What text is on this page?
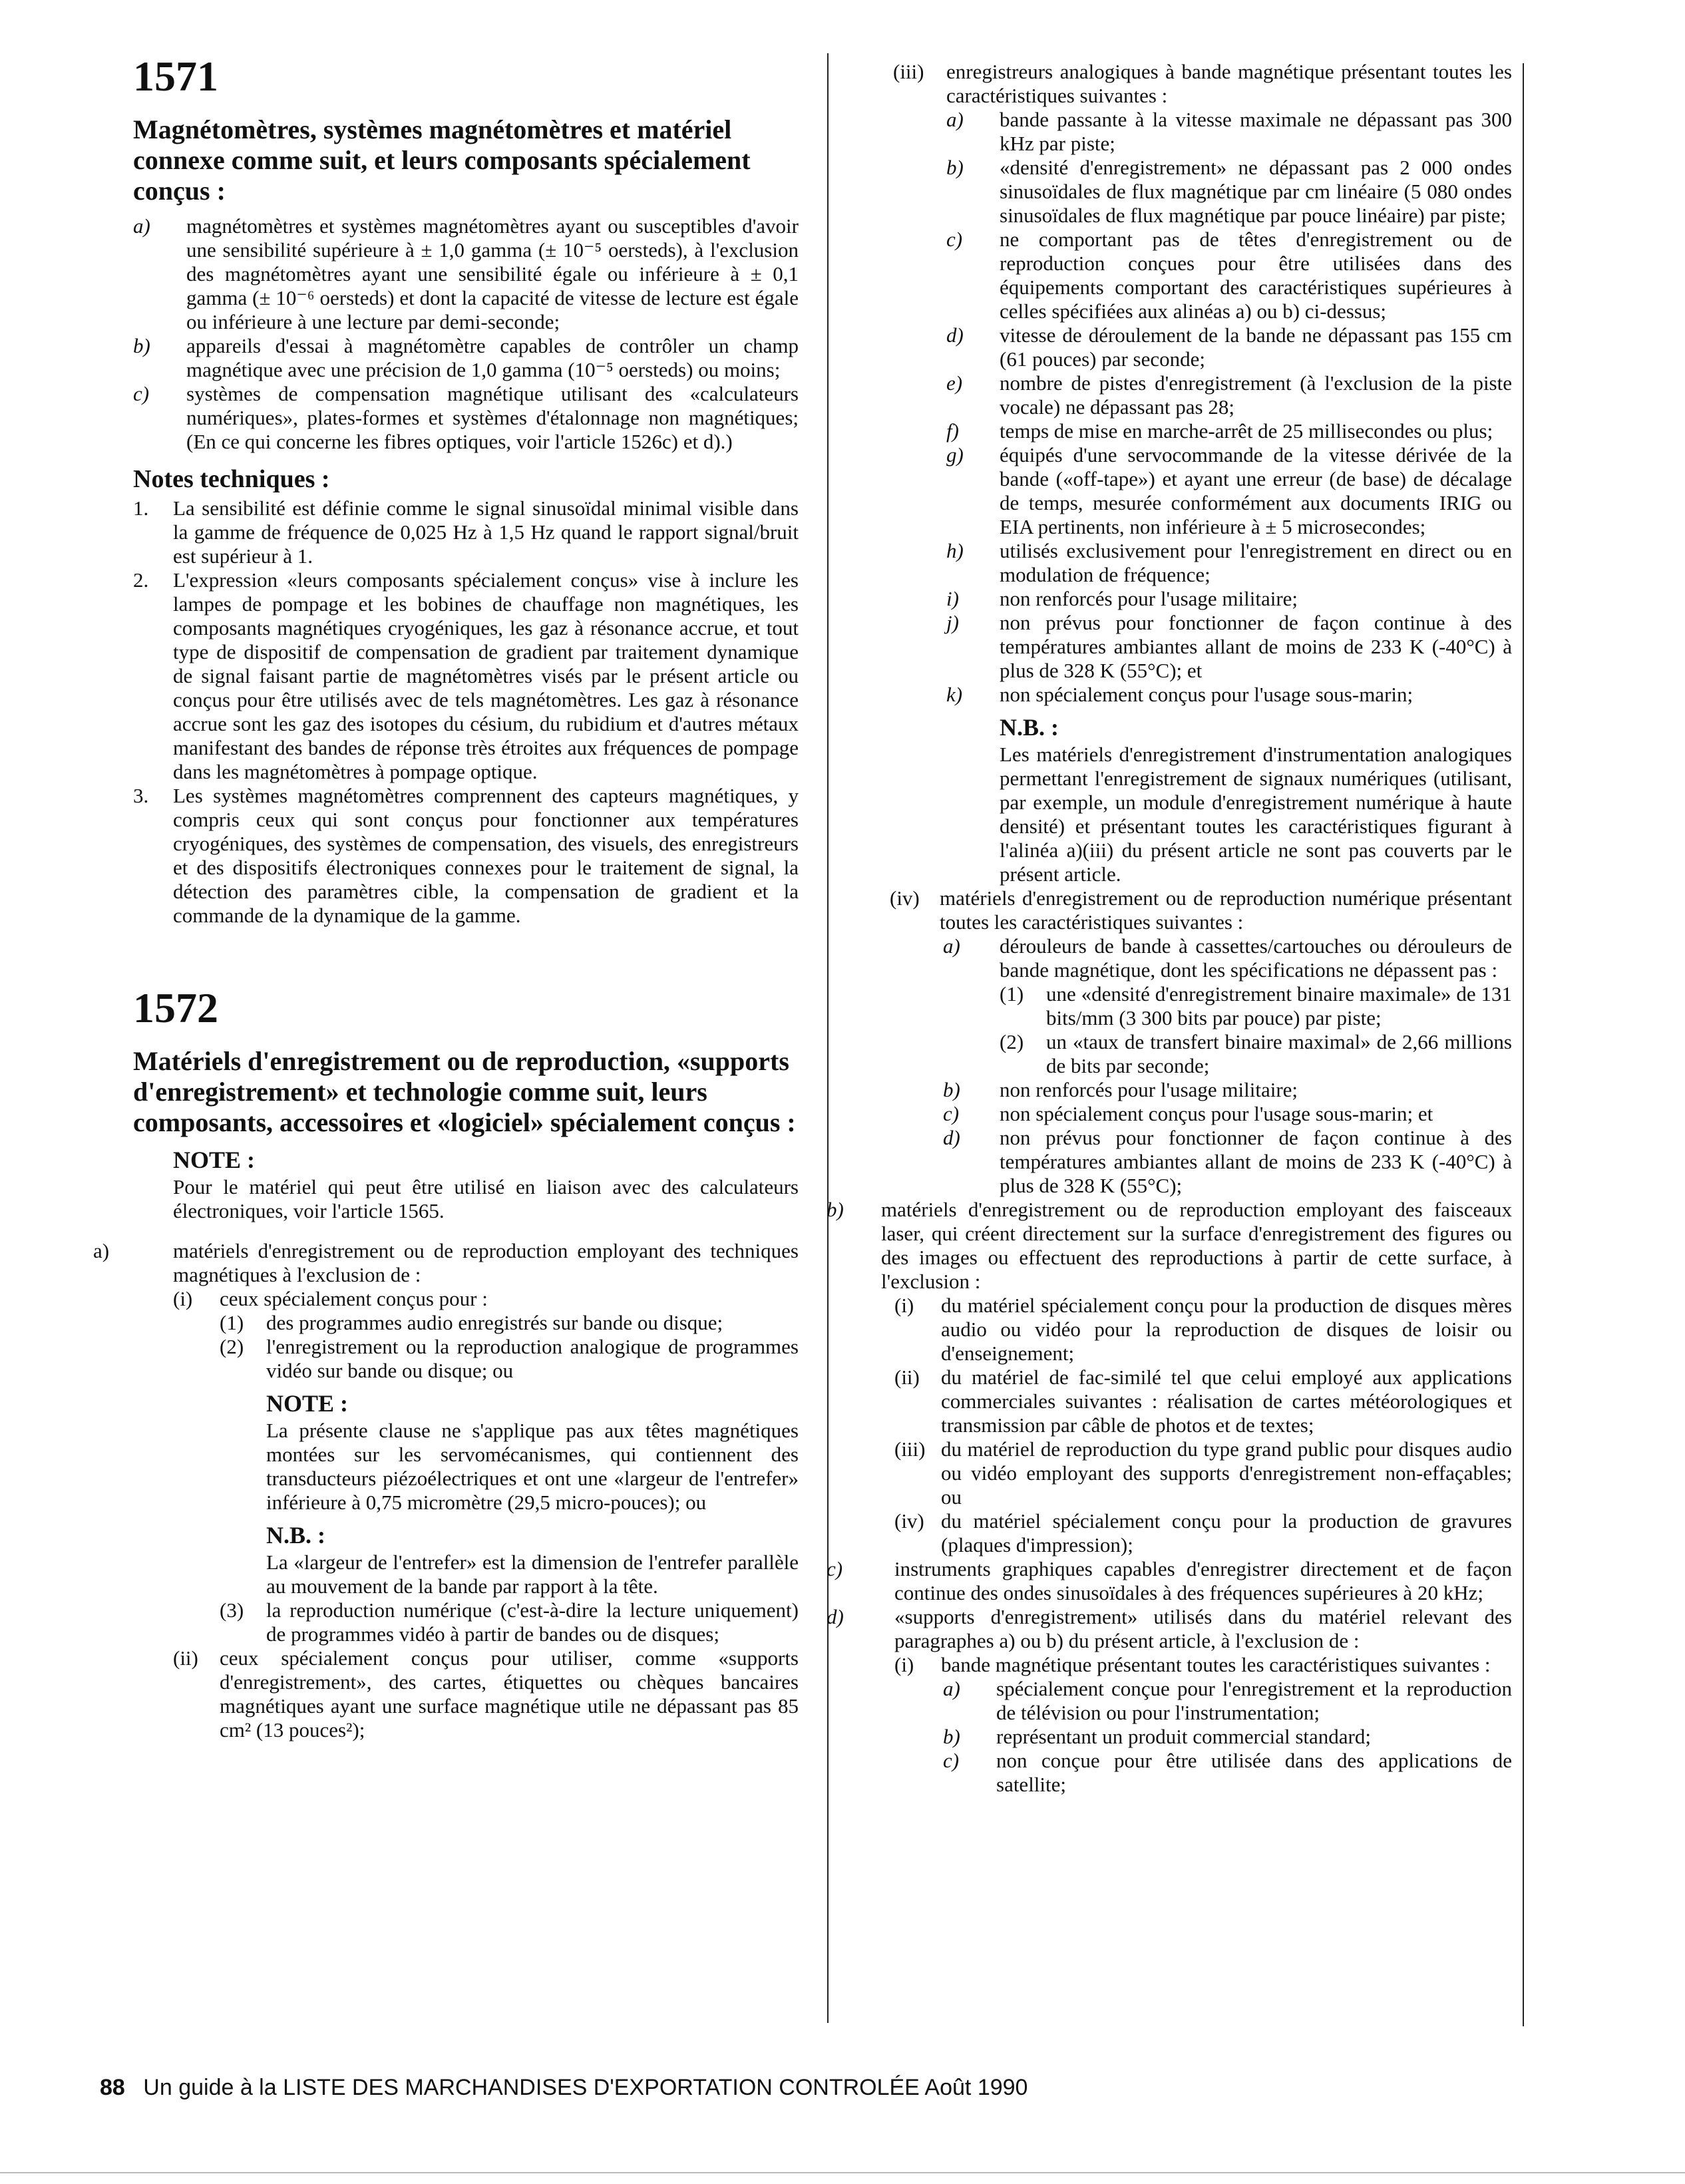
1571
Magnétomètres, systèmes magnétomètres et matériel connexe comme suit, et leurs composants spécialement conçus :
a)	magnétomètres et systèmes magnétomètres ayant ou susceptibles d'avoir une sensibilité supérieure à ± 1,0 gamma (± 10⁻⁵ oersteds), à l'exclusion des magnétomètres ayant une sensibilité égale ou inférieure à ± 0,1 gamma (± 10⁻⁶ oersteds) et dont la capacité de vitesse de lecture est égale ou inférieure à une lecture par demi-seconde;
b)	appareils d'essai à magnétomètre capables de contrôler un champ magnétique avec une précision de 1,0 gamma (10⁻⁵ oersteds) ou moins;
c)	systèmes de compensation magnétique utilisant des «calculateurs numériques», plates-formes et systèmes d'étalonnage non magnétiques; (En ce qui concerne les fibres optiques, voir l'article 1526c) et d).)
Notes techniques :
1.	La sensibilité est définie comme le signal sinusoïdal minimal visible dans la gamme de fréquence de 0,025 Hz à 1,5 Hz quand le rapport signal/bruit est supérieur à 1.
2.	L'expression «leurs composants spécialement conçus» vise à inclure les lampes de pompage et les bobines de chauffage non magnétiques, les composants magnétiques cryogéniques, les gaz à résonance accrue, et tout type de dispositif de compensation de gradient par traitement dynamique de signal faisant partie de magnétomètres visés par le présent article ou conçus pour être utilisés avec de tels magnétomètres. Les gaz à résonance accrue sont les gaz des isotopes du césium, du rubidium et d'autres métaux manifestant des bandes de réponse très étroites aux fréquences de pompage dans les magnétomètres à pompage optique.
3.	Les systèmes magnétomètres comprennent des capteurs magnétiques, y compris ceux qui sont conçus pour fonctionner aux températures cryogéniques, des systèmes de compensation, des visuels, des enregistreurs et des dispositifs électroniques connexes pour le traitement de signal, la détection des paramètres cible, la compensation de gradient et la commande de la dynamique de la gamme.
1572
Matériels d'enregistrement ou de reproduction, «supports d'enregistrement» et technologie comme suit, leurs composants, accessoires et «logiciel» spécialement conçus :
NOTE :

Pour le matériel qui peut être utilisé en liaison avec des calculateurs électroniques, voir l'article 1565.

a)	matériels d'enregistrement ou de reproduction employant des techniques magnétiques à l'exclusion de :
(i)	ceux spécialement conçus pour :
(1)	des programmes audio enregistrés sur bande ou disque;
(2)	l'enregistrement ou la reproduction analogique de programmes vidéo sur bande ou disque; ou
NOTE :

La présente clause ne s'applique pas aux têtes magnétiques montées sur les servomécanismes, qui contiennent des transducteurs piézoélectriques et ont une «largeur de l'entrefer» inférieure à 0,75 micromètre (29,5 micro-pouces); ou

N.B. :

La «largeur de l'entrefer» est la dimension de l'entrefer parallèle au mouvement de la bande par rapport à la tête.

(3)	la reproduction numérique (c'est-à-dire la lecture uniquement) de programmes vidéo à partir de bandes ou de disques;
(ii)	ceux spécialement conçus pour utiliser, comme «supports d'enregistrement», des cartes, étiquettes ou chèques bancaires magnétiques ayant une surface magnétique utile ne dépassant pas 85 cm² (13 pouces²);
(iii)	enregistreurs analogiques à bande magnétique présentant toutes les caractéristiques suivantes :
a)	bande passante à la vitesse maximale ne dépassant pas 300 kHz par piste;
b)	«densité d'enregistrement» ne dépassant pas 2 000 ondes sinusoïdales de flux magnétique par cm linéaire (5 080 ondes sinusoïdales de flux magnétique par pouce linéaire) par piste;
c)	ne comportant pas de têtes d'enregistrement ou de reproduction conçues pour être utilisées dans des équipements comportant des caractéristiques supérieures à celles spécifiées aux alinéas a) ou b) ci-dessus;
d)	vitesse de déroulement de la bande ne dépassant pas 155 cm (61 pouces) par seconde;
e)	nombre de pistes d'enregistrement (à l'exclusion de la piste vocale) ne dépassant pas 28;
f)	temps de mise en marche-arrêt de 25 millisecondes ou plus;
g)	équipés d'une servocommande de la vitesse dérivée de la bande («off-tape») et ayant une erreur (de base) de décalage de temps, mesurée conformément aux documents IRIG ou EIA pertinents, non inférieure à ± 5 microsecondes;
h)	utilisés exclusivement pour l'enregistrement en direct ou en modulation de fréquence;
i)	non renforcés pour l'usage militaire;
j)	non prévus pour fonctionner de façon continue à des températures ambiantes allant de moins de 233 K (-40°C) à plus de 328 K (55°C); et
k)	non spécialement conçus pour l'usage sous-marin;
N.B. :

Les matériels d'enregistrement d'instrumentation analogiques permettant l'enregistrement de signaux numériques (utilisant, par exemple, un module d'enregistrement numérique à haute densité) et présentant toutes les caractéristiques figurant à l'alinéa a)(iii) du présent article ne sont pas couverts par le présent article.

(iv) matériels d'enregistrement ou de reproduction numérique présentant toutes les caractéristiques suivantes :
a)	dérouleurs de bande à cassettes/cartouches ou dérouleurs de bande magnétique, dont les spécifications ne dépassent pas :
(1)	une «densité d'enregistrement binaire maximale» de 131 bits/mm (3 300 bits par pouce) par piste;
(2)	un «taux de transfert binaire maximal» de 2,66 millions de bits par seconde;
b)	non renforcés pour l'usage militaire;
c)	non spécialement conçus pour l'usage sous-marin; et
d)	non prévus pour fonctionner de façon continue à des températures ambiantes allant de moins de 233 K (-40°C) à plus de 328 K (55°C);
b)	matériels d'enregistrement ou de reproduction employant des faisceaux laser, qui créent directement sur la surface d'enregistrement des figures ou des images ou effectuent des reproductions à partir de cette surface, à l'exclusion :
(i)	du matériel spécialement conçu pour la production de disques mères audio ou vidéo pour la reproduction de disques de loisir ou d'enseignement;
(ii)	du matériel de fac-similé tel que celui employé aux applications commerciales suivantes : réalisation de cartes météorologiques et transmission par câble de photos et de textes;
(iii) du matériel de reproduction du type grand public pour disques audio ou vidéo employant des supports d'enregistrement non-effaçables; ou
(iv) du matériel spécialement conçu pour la production de gravures (plaques d'impression);
c)	instruments graphiques capables d'enregistrer directement et de façon continue des ondes sinusoïdales à des fréquences supérieures à 20 kHz;
d)	«supports d'enregistrement» utilisés dans du matériel relevant des paragraphes a) ou b) du présent article, à l'exclusion de :
(i)	bande magnétique présentant toutes les caractéristiques suivantes :
a)	spécialement conçue pour l'enregistrement et la reproduction de télévision ou pour l'instrumentation;
b)	représentant un produit commercial standard;
c)	non conçue pour être utilisée dans des applications de satellite;
88 Un guide à la LISTE DES MARCHANDISES D'EXPORTATION CONTROLÉE Août 1990
